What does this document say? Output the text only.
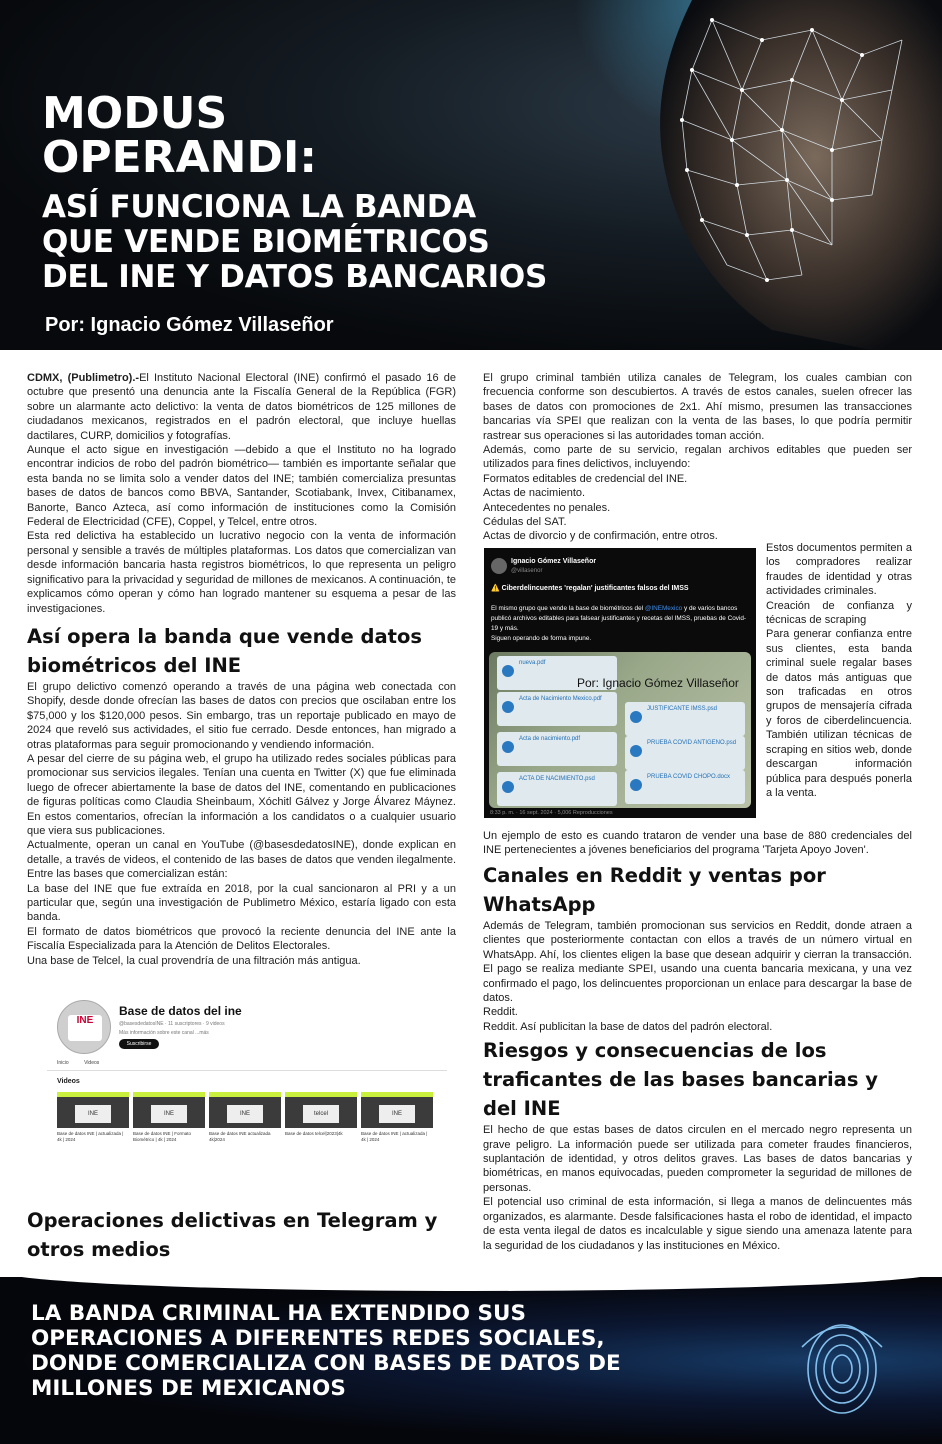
MODUS
OPERANDI:
ASÍ FUNCIONA LA BANDA
QUE VENDE BIOMÉTRICOS
DEL INE Y DATOS BANCARIOS
Por: Ignacio Gómez Villaseñor

CDMX, (Publimetro).-El Instituto Nacional Electoral (INE) confirmó el pasado 16 de octubre que presentó una denuncia ante la Fiscalía General de la República (FGR) sobre un alarmante acto delictivo: la venta de datos biométricos de 125 millones de ciudadanos mexicanos, registrados en el padrón electoral, que incluye huellas dactilares, CURP, domicilios y fotografías.

Aunque el acto sigue en investigación —debido a que el Instituto no ha logrado encontrar indicios de robo del padrón biométrico— también es importante señalar que esta banda no se limita solo a vender datos del INE; también comercializa presuntas bases de datos de bancos como BBVA, Santander, Scotiabank, Invex, Citibanamex, Banorte, Banco Azteca, así como información de instituciones como la Comisión Federal de Electricidad (CFE), Coppel, y Telcel, entre otros.

Esta red delictiva ha establecido un lucrativo negocio con la venta de información personal y sensible a través de múltiples plataformas. Los datos que comercializan van desde información bancaria hasta registros biométricos, lo que representa un peligro significativo para la privacidad y seguridad de millones de mexicanos. A continuación, te explicamos cómo operan y cómo han logrado mantener su esquema a pesar de las investigaciones.

Así opera la banda que vende datos biométricos del INE

El grupo delictivo comenzó operando a través de una página web conectada con Shopify, desde donde ofrecían las bases de datos con precios que oscilaban entre los $75,000 y los $120,000 pesos. Sin embargo, tras un reportaje publicado en mayo de 2024 que reveló sus actividades, el sitio fue cerrado. Desde entonces, han migrado a otras plataformas para seguir promocionando y vendiendo información.

A pesar del cierre de su página web, el grupo ha utilizado redes sociales públicas para promocionar sus servicios ilegales. Tenían una cuenta en Twitter (X) que fue eliminada luego de ofrecer abiertamente la base de datos del INE, comentando en publicaciones de figuras políticas como Claudia Sheinbaum, Xóchitl Gálvez y Jorge Álvarez Máynez. En estos comentarios, ofrecían la información a los candidatos o a cualquier usuario que viera sus publicaciones.

Actualmente, operan un canal en YouTube (@basesdedatosINE), donde explican en detalle, a través de videos, el contenido de las bases de datos que venden ilegalmente. Entre las bases que comercializan están:

La base del INE que fue extraída en 2018, por la cual sancionaron al PRI y a un particular que, según una investigación de Publimetro México, estaría ligado con esta banda.

El formato de datos biométricos que provocó la reciente denuncia del INE ante la Fiscalía Especializada para la Atención de Delitos Electorales.

Una base de Telcel, la cual provendría de una filtración más antigua.

INE
Base de datos del ine
@basesdedatosINE · 11 suscriptores · 9 videos
Más información sobre este canal ...más
Suscribirse
Inicio	Videos
Videos
INE
Base de datos INE | actualizada | 4k | 2024
INE
Base de datos INE | Formato Biométrico | 4k | 2024
INE
Base de datos INE actualizada 4k|2024
telcel
Base de datos telcel|2023|4k
INE
Base de datos INE | actualizada | 4k | 2024
Operaciones delictivas en Telegram y otros medios

El grupo criminal también utiliza canales de Telegram, los cuales cambian con frecuencia conforme son descubiertos. A través de estos canales, suelen ofrecer las bases de datos con promociones de 2x1. Ahí mismo, presumen las transacciones bancarias vía SPEI que realizan con la venta de las bases, lo que podría permitir rastrear sus operaciones si las autoridades toman acción.

Además, como parte de su servicio, regalan archivos editables que pueden ser utilizados para fines delictivos, incluyendo:

Formatos editables de credencial del INE.

Actas de nacimiento.

Antecedentes no penales.

Cédulas del SAT.

Actas de divorcio y de confirmación, entre otros.

Ignacio Gómez Villaseñor
@villasenor
⚠️ Ciberdelincuentes 'regalan' justificantes falsos del IMSS
El mismo grupo que vende la base de biométricos del @INEMexico y de varios bancos publicó archivos editables para falsear justificantes y recetas del IMSS, pruebas de Covid-19 y más.
Siguen operando de forma impune.
nueva.pdf
Acta de Nacimiento Mexico.pdf
Acta de nacimiento.pdf
ACTA DE NACIMIENTO.psd
JUSTIFICANTE IMSS.psd
PRUEBA COVID ANTIGENO.psd
PRUEBA COVID CHOPO.docx
8:33 p. m. · 16 sept. 2024 · 5,006 Reproducciones
Por: Ignacio Gómez Villaseñor

Estos documentos permiten a los compradores realizar fraudes de identidad y otras actividades criminales.

Creación de confianza y técnicas de scraping

Para generar confianza entre sus clientes, esta banda criminal suele regalar bases de datos más antiguas que son traficadas en otros grupos de mensajería cifrada y foros de ciberdelincuencia. También utilizan técnicas de scraping en sitios web, donde descargan información pública para después ponerla a la venta.

Un ejemplo de esto es cuando trataron de vender una base de 880 credenciales del INE pertenecientes a jóvenes beneficiarios del programa 'Tarjeta Apoyo Joven'.

Canales en Reddit y ventas por WhatsApp

Además de Telegram, también promocionan sus servicios en Reddit, donde atraen a clientes que posteriormente contactan con ellos a través de un número virtual en WhatsApp. Ahí, los clientes eligen la base que desean adquirir y cierran la transacción. El pago se realiza mediante SPEI, usando una cuenta bancaria mexicana, y una vez confirmado el pago, los delincuentes proporcionan un enlace para descargar la base de datos.

Reddit.

Reddit. Así publicitan la base de datos del padrón electoral.

Riesgos y consecuencias de los traficantes de las bases bancarias y del INE

El hecho de que estas bases de datos circulen en el mercado negro representa un grave peligro. La información puede ser utilizada para cometer fraudes financieros, suplantación de identidad, y otros delitos graves. Las bases de datos bancarias y biométricas, en manos equivocadas, pueden comprometer la seguridad de millones de personas.

El potencial uso criminal de esta información, si llega a manos de delincuentes más organizados, es alarmante. Desde falsificaciones hasta el robo de identidad, el impacto de esta venta ilegal de datos es incalculable y sigue siendo una amenaza latente para la seguridad de los ciudadanos y las instituciones en México.

LA BANDA CRIMINAL HA EXTENDIDO SUS
OPERACIONES A DIFERENTES REDES SOCIALES,
DONDE COMERCIALIZA CON BASES DE DATOS DE
MILLONES DE MEXICANOS
